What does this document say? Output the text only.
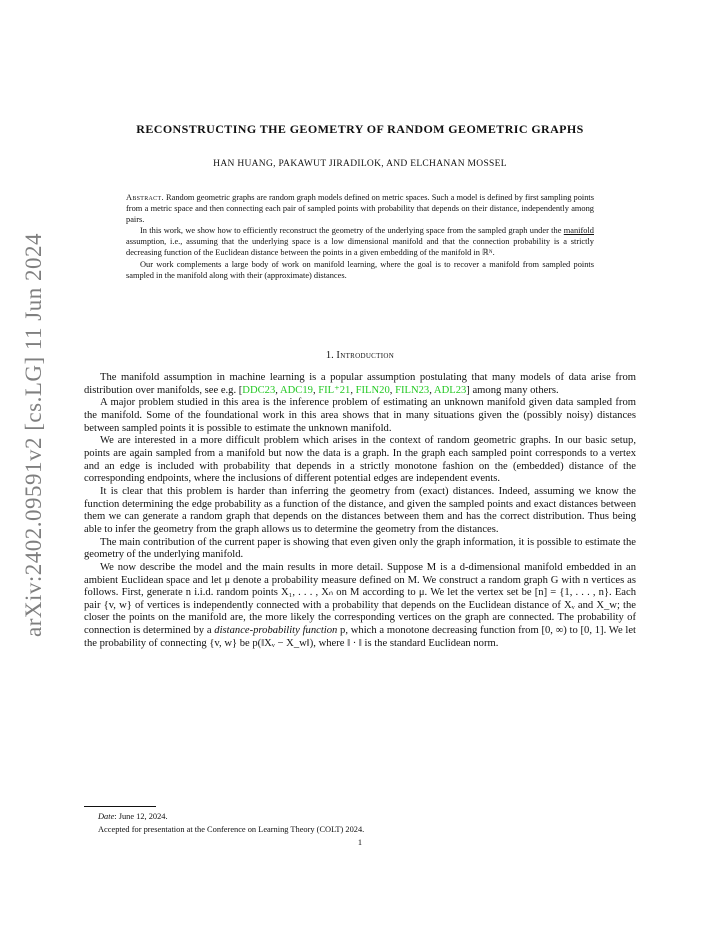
arXiv:2402.09591v2 [cs.LG] 11 Jun 2024
RECONSTRUCTING THE GEOMETRY OF RANDOM GEOMETRIC GRAPHS
HAN HUANG, PAKAWUT JIRADILOK, AND ELCHANAN MOSSEL

Abstract. Random geometric graphs are random graph models defined on metric spaces. Such a model is defined by first sampling points from a metric space and then connecting each pair of sampled points with probability that depends on their distance, independently among pairs.

In this work, we show how to efficiently reconstruct the geometry of the underlying space from the sampled graph under the manifold assumption, i.e., assuming that the underlying space is a low dimensional manifold and that the connection probability is a strictly decreasing function of the Euclidean distance between the points in a given embedding of the manifold in ℝᴺ.

Our work complements a large body of work on manifold learning, where the goal is to recover a manifold from sampled points sampled in the manifold along with their (approximate) distances.

1. Introduction

The manifold assumption in machine learning is a popular assumption postulating that many models of data arise from distribution over manifolds, see e.g. [DDC23, ADC19, FIL⁺21, FILN20, FILN23, ADL23] among many others.

A major problem studied in this area is the inference problem of estimating an unknown manifold given data sampled from the manifold. Some of the foundational work in this area shows that in many situations given the (possibly noisy) distances between sampled points it is possible to estimate the unknown manifold.

We are interested in a more difficult problem which arises in the context of random geometric graphs. In our basic setup, points are again sampled from a manifold but now the data is a graph. In the graph each sampled point corresponds to a vertex and an edge is included with probability that depends in a strictly monotone fashion on the (embedded) distance of the corresponding endpoints, where the inclusions of different potential edges are independent events.

It is clear that this problem is harder than inferring the geometry from (exact) distances. Indeed, assuming we know the function determining the edge probability as a function of the distance, and given the sampled points and exact distances between them we can generate a random graph that depends on the distances between them and has the correct distribution. Thus being able to infer the geometry from the graph allows us to determine the geometry from the distances.

The main contribution of the current paper is showing that even given only the graph information, it is possible to estimate the geometry of the underlying manifold.

We now describe the model and the main results in more detail. Suppose M is a d-dimensional manifold embedded in an ambient Euclidean space and let μ denote a probability measure defined on M. We construct a random graph G with n vertices as follows. First, generate n i.i.d. random points X₁, . . . , Xₙ on M according to μ. We let the vertex set be [n] = {1, . . . , n}. Each pair {v, w} of vertices is independently connected with a probability that depends on the Euclidean distance of Xᵥ and X_w; the closer the points on the manifold are, the more likely the corresponding vertices on the graph are connected. The probability of connection is determined by a distance-probability function p, which a monotone decreasing function from [0, ∞) to [0, 1]. We let the probability of connecting {v, w} be p(‖Xᵥ − X_w‖), where ‖ · ‖ is the standard Euclidean norm.

Date: June 12, 2024.

Accepted for presentation at the Conference on Learning Theory (COLT) 2024.

1
